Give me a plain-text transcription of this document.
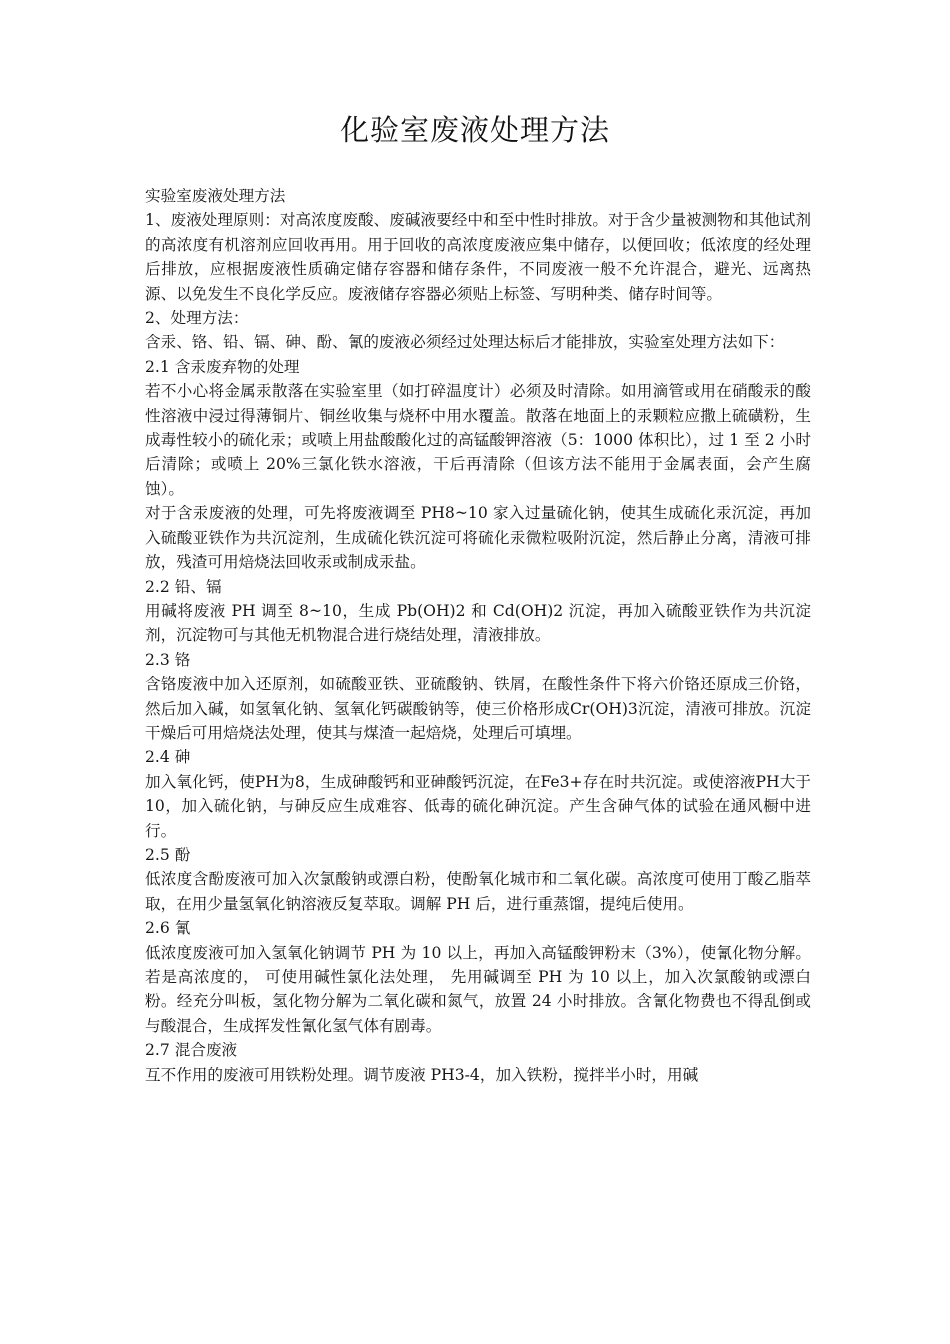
化验室废液处理方法

实验室废液处理方法

1、废液处理原则：对高浓度废酸、废碱液要经中和至中性时排放。对于含少量被测物和其他试剂的高浓度有机溶剂应回收再用。用于回收的高浓度废液应集中储存，以便回收；低浓度的经处理后排放，应根据废液性质确定储存容器和储存条件，不同废液一般不允许混合，避光、远离热源、以免发生不良化学反应。废液储存容器必须贴上标签、写明种类、储存时间等。

2、处理方法：

含汞、铬、铅、镉、砷、酚、氰的废液必须经过处理达标后才能排放，实验室处理方法如下：

2.1 含汞废弃物的处理

若不小心将金属汞散落在实验室里（如打碎温度计）必须及时清除。如用滴管或用在硝酸汞的酸性溶液中浸过得薄铜片、铜丝收集与烧杯中用水覆盖。散落在地面上的汞颗粒应撒上硫磺粉，生成毒性较小的硫化汞；或喷上用盐酸酸化过的高锰酸钾溶液（5：1000 体积比），过 1 至 2 小时后清除；或喷上 20%三氯化铁水溶液，干后再清除（但该方法不能用于金属表面，会产生腐蚀）。

对于含汞废液的处理，可先将废液调至 PH8~10 家入过量硫化钠，使其生成硫化汞沉淀，再加入硫酸亚铁作为共沉淀剂，生成硫化铁沉淀可将硫化汞微粒吸附沉淀，然后静止分离，清液可排放，残渣可用焙烧法回收汞或制成汞盐。

2.2 铅、镉

用碱将废液 PH 调至 8~10，生成 Pb(OH)2 和 Cd(OH)2 沉淀，再加入硫酸亚铁作为共沉淀剂，沉淀物可与其他无机物混合进行烧结处理，清液排放。

2.3 铬

含铬废液中加入还原剂，如硫酸亚铁、亚硫酸钠、铁屑，在酸性条件下将六价铬还原成三价铬，然后加入碱，如氢氧化钠、氢氧化钙碳酸钠等，使三价格形成Cr(OH)3沉淀，清液可排放。沉淀干燥后可用焙烧法处理，使其与煤渣一起焙烧，处理后可填埋。

2.4 砷

加入氧化钙，使PH为8，生成砷酸钙和亚砷酸钙沉淀，在Fe3+存在时共沉淀。或使溶液PH大于10，加入硫化钠，与砷反应生成难容、低毒的硫化砷沉淀。产生含砷气体的试验在通风橱中进行。

2.5 酚

低浓度含酚废液可加入次氯酸钠或漂白粉，使酚氧化城市和二氧化碳。高浓度可使用丁酸乙脂萃取，在用少量氢氧化钠溶液反复萃取。调解 PH 后，进行重蒸馏，提纯后使用。

2.6 氰

低浓度废液可加入氢氧化钠调节 PH 为 10 以上，再加入高锰酸钾粉末（3%），使氰化物分解。 若是高浓度的， 可使用碱性氯化法处理， 先用碱调至 PH 为 10 以上，加入次氯酸钠或漂白粉。经充分叫板，氢化物分解为二氧化碳和氮气，放置 24 小时排放。含氰化物费也不得乱倒或与酸混合，生成挥发性氰化氢气体有剧毒。

2.7 混合废液

互不作用的废液可用铁粉处理。调节废液 PH3-4，加入铁粉，搅拌半小时，用碱
